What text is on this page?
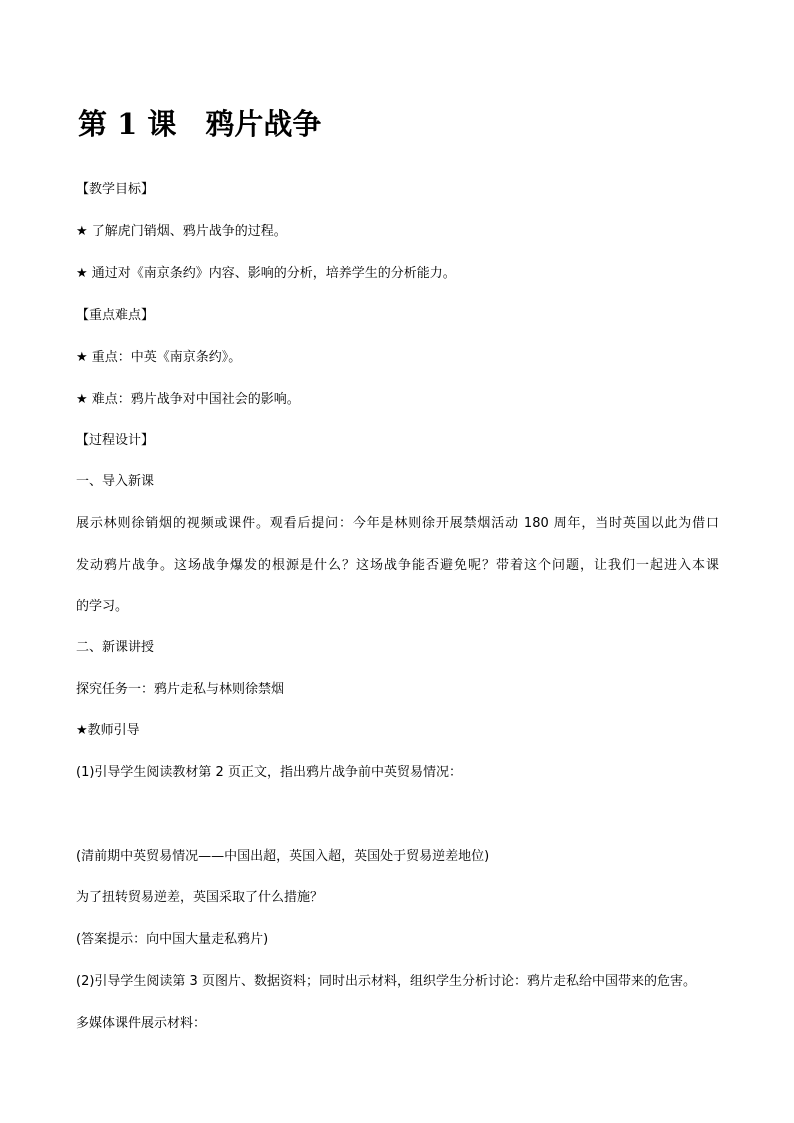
第 1 课　鸦片战争

【教学目标】

★ 了解虎门销烟、鸦片战争的过程。

★ 通过对《南京条约》内容、影响的分析，培养学生的分析能力。

【重点难点】

★ 重点：中英《南京条约》。

★ 难点：鸦片战争对中国社会的影响。

【过程设计】

一、导入新课

展示林则徐销烟的视频或课件。观看后提问：今年是林则徐开展禁烟活动 180 周年，当时英国以此为借口

发动鸦片战争。这场战争爆发的根源是什么？这场战争能否避免呢？带着这个问题，让我们一起进入本课

的学习。

二、新课讲授

探究任务一：鸦片走私与林则徐禁烟

★教师引导

(1)引导学生阅读教材第 2 页正文，指出鸦片战争前中英贸易情况：

(清前期中英贸易情况——中国出超，英国入超，英国处于贸易逆差地位)

为了扭转贸易逆差，英国采取了什么措施？

(答案提示：向中国大量走私鸦片)

(2)引导学生阅读第 3 页图片、数据资料；同时出示材料，组织学生分析讨论：鸦片走私给中国带来的危害。

多媒体课件展示材料：
